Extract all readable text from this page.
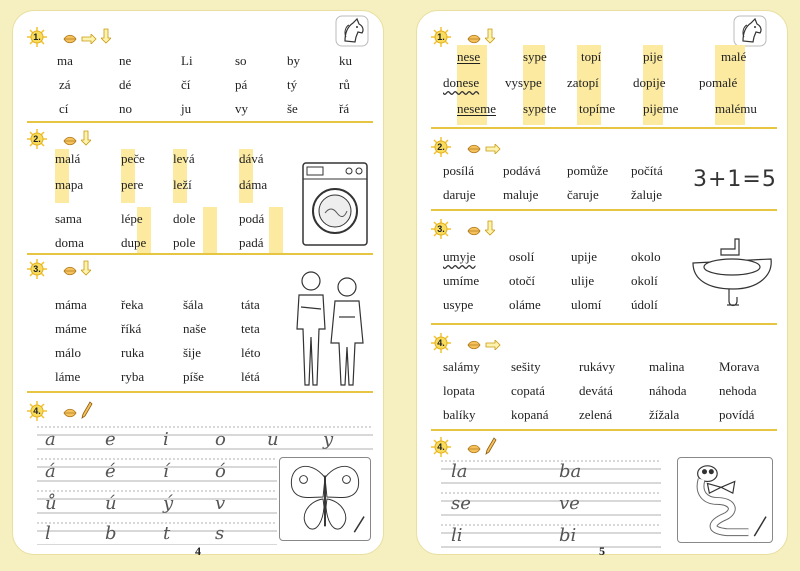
1.
ma	ne	Li	so	by	ku
zá	dé	čí	pá	tý	rů
cí	no	ju	vy	še	řá
2.
malá	peče levá	dává
mapa	pere leží	dáma
sama	lépe dole	podá
doma	dupe pole	padá
3.
máma	řeka	šála	táta
máme	říká	naše	teta
málo	ruka	šije	léto
láme	ryba	píše	létá
4.
a	e	i	o u y
á	é	í	ó
ů	ú	ý v
l	b	t s
4
1.
nese	sype	topí	pije	malé
donese vysype zatopí	dopije	pomalé
neseme sypete topíme pijeme	malému
2.
posílá podává pomůže počítá
daruje maluje čaruje žaluje
3+1=5
3.
umyje	osolí	upije	okolo
umíme otočí	ulije	okolí
usype	oláme ulomí údolí
4.
salámy sešity	rukávy	malina	Morava
lopata	copatá	devátá	náhoda nehoda
balíky	kopaná zelená	žížala	povídá
4.
la	ba
se	ve
li	bi
5
